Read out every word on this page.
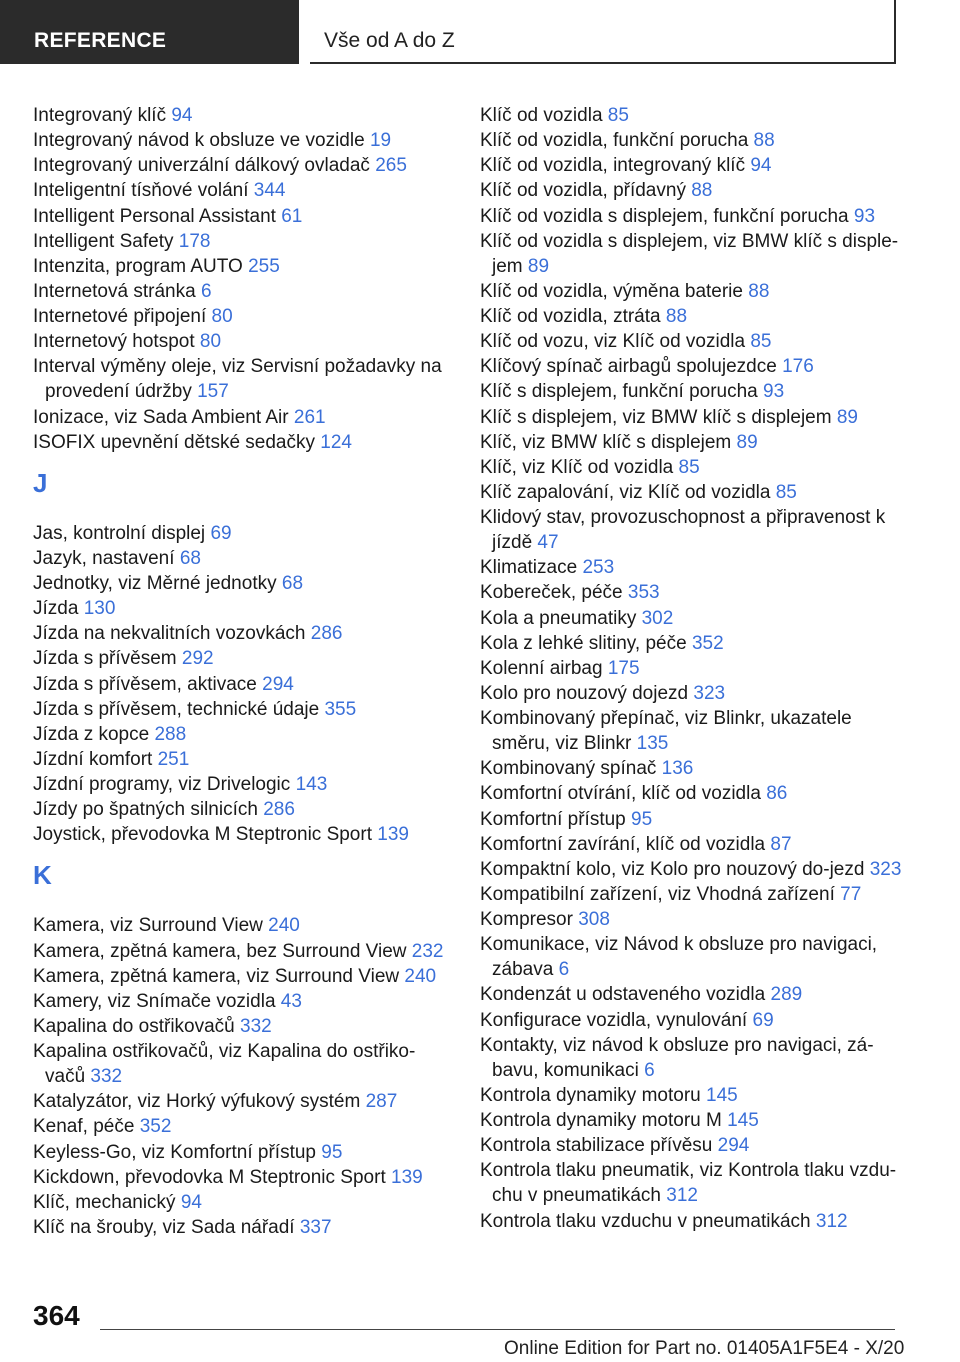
REFERENCE	Vše od A do Z
Integrovaný klíč 94
Integrovaný návod k obsluze ve vozidle 19
Integrovaný univerzální dálkový ovladač 265
Inteligentní tísňové volání 344
Intelligent Personal Assistant 61
Intelligent Safety 178
Intenzita, program AUTO 255
Internetová stránka 6
Internetové připojení 80
Internetový hotspot 80
Interval výměny oleje, viz Servisní požadavky na provedení údržby 157
Ionizace, viz Sada Ambient Air 261
ISOFIX upevnění dětské sedačky 124
J
Jas, kontrolní displej 69
Jazyk, nastavení 68
Jednotky, viz Měrné jednotky 68
Jízda 130
Jízda na nekvalitních vozovkách 286
Jízda s přívěsem 292
Jízda s přívěsem, aktivace 294
Jízda s přívěsem, technické údaje 355
Jízda z kopce 288
Jízdní komfort 251
Jízdní programy, viz Drivelogic 143
Jízdy po špatných silnicích 286
Joystick, převodovka M Steptronic Sport 139
K
Kamera, viz Surround View 240
Kamera, zpětná kamera, bez Surround View 232
Kamera, zpětná kamera, viz Surround View 240
Kamery, viz Snímače vozidla 43
Kapalina do ostřikovačů 332
Kapalina ostřikovačů, viz Kapalina do ostřiko‐vačů 332
Katalyzátor, viz Horký výfukový systém 287
Kenaf, péče 352
Keyless-Go, viz Komfortní přístup 95
Kickdown, převodovka M Steptronic Sport 139
Klíč, mechanický 94
Klíč na šrouby, viz Sada nářadí 337
Klíč od vozidla 85
Klíč od vozidla, funkční porucha 88
Klíč od vozidla, integrovaný klíč 94
Klíč od vozidla, přídavný 88
Klíč od vozidla s displejem, funkční porucha 93
Klíč od vozidla s displejem, viz BMW klíč s disple‐jem 89
Klíč od vozidla, výměna baterie 88
Klíč od vozidla, ztráta 88
Klíč od vozu, viz Klíč od vozidla 85
Klíčový spínač airbagů spolujezdce 176
Klíč s displejem, funkční porucha 93
Klíč s displejem, viz BMW klíč s displejem 89
Klíč, viz BMW klíč s displejem 89
Klíč, viz Klíč od vozidla 85
Klíč zapalování, viz Klíč od vozidla 85
Klidový stav, provozuschopnost a připravenost k jízdě 47
Klimatizace 253
Kobereček, péče 353
Kola a pneumatiky 302
Kola z lehké slitiny, péče 352
Kolenní airbag 175
Kolo pro nouzový dojezd 323
Kombinovaný přepínač, viz Blinkr, ukazatele směru, viz Blinkr 135
Kombinovaný spínač 136
Komfortní otvírání, klíč od vozidla 86
Komfortní přístup 95
Komfortní zavírání, klíč od vozidla 87
Kompaktní kolo, viz Kolo pro nouzový do‐jezd 323
Kompatibilní zařízení, viz Vhodná zařízení 77
Kompresor 308
Komunikace, viz Návod k obsluze pro navigaci, zábava 6
Kondenzát u odstaveného vozidla 289
Konfigurace vozidla, vynulování 69
Kontakty, viz návod k obsluze pro navigaci, zá‐bavu, komunikaci 6
Kontrola dynamiky motoru 145
Kontrola dynamiky motoru M 145
Kontrola stabilizace přívěsu 294
Kontrola tlaku pneumatik, viz Kontrola tlaku vzdu‐chu v pneumatikách 312
Kontrola tlaku vzduchu v pneumatikách 312
364
Online Edition for Part no. 01405A1F5E4 - X/20
